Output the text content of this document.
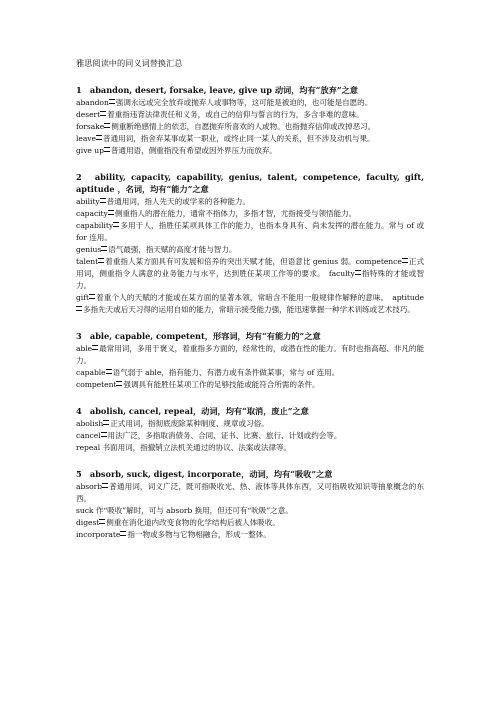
雅思阅读中的同义词替换汇总

1　abandon, desert, forsake, leave, give up 动词，均有“放弃”之意

abandon 强调永远或完全放弃或抛弃人或事物等，这可能是被迫的，也可能是自愿的。

desert 着重指违背法律责任和义务，或自己的信仰与誓言的行为，多含非难的意味。

forsake 侧重断绝感情上的依恋，自愿抛弃所喜欢的人或物。也指抛弃信仰或改掉恶习。

leave 普通用词，指舍弃某事或某一职业，或终止同一某人的关系，但不涉及动机与果。

give up 普通用语，侧重指没有希望或因外界压力而放弃。

2　ability, capacity, capability, genius, talent, competence, faculty, gift, aptitude ，名词，均有“能力”之意

ability 普通用词，指人先天的或学来的各种能力。

capacity 侧重指人的潜在能力，通常不指体力，多指才智，尤指接受与领悟能力。

capability 多用于人，指胜任某项具体工作的能力，也指本身具有、尚未发挥的潜在能力。常与 of 或 for 连用。

genius 语气最强，指天赋的高度才能与智力。

talent 着重指人某方面具有可发展和倍养的突出天赋才能，但语意比 genius 弱。competence 正式用词，侧重指令人满意的业务能力与水平，达到胜任某项工作等的要求。　faculty 指特殊的才能或智力。

gift 着重个人的天赋的才能或在某方面的显著本领，常暗含不能用一般规律作解释的意味。　aptitude多指先天或后天习得的运用自如的能力，常暗示接受能力强，能迅速掌握一种学术训练或艺术技巧。

3　able, capable, competent，形容词，均有“有能力的”之意

able 最常用词，多用于褒义，着重指多方面的，经常性的，或潜在性的能力。有时也指高超、非凡的能力。

capable 语气弱于 able，指有能力、有潜力或有条件做某事，常与 of 连用。

competent 强调具有能胜任某项工作的足够技能或能符合所需的条件。

4　abolish, cancel, repeal，动词，均有“取消，废止”之意

abolish 正式用词，指彻底废除某种制度、规章或习俗。

cancel 用法广泛，多指取消债务、合同、证书、比赛、旅行、计划或约会等。

repeal 书面用词，指撤销立法机关通过的协议、法案或法律等。

5　absorb, suck, digest, incorporate，动词，均有“吸收”之意

absorb 普通用词，词义广泛，既可指吸收光、热、液体等具体东西，又可指吸收知识等抽象概念的东西。

suck 作“吸收”解时，可与 absorb 换用，但还可有“吮吸”之意。

digest 侧重在消化道内改变食物的化学结构后被人体吸收。

incorporate 指一物或多物与它物相融合，形成一整体。
